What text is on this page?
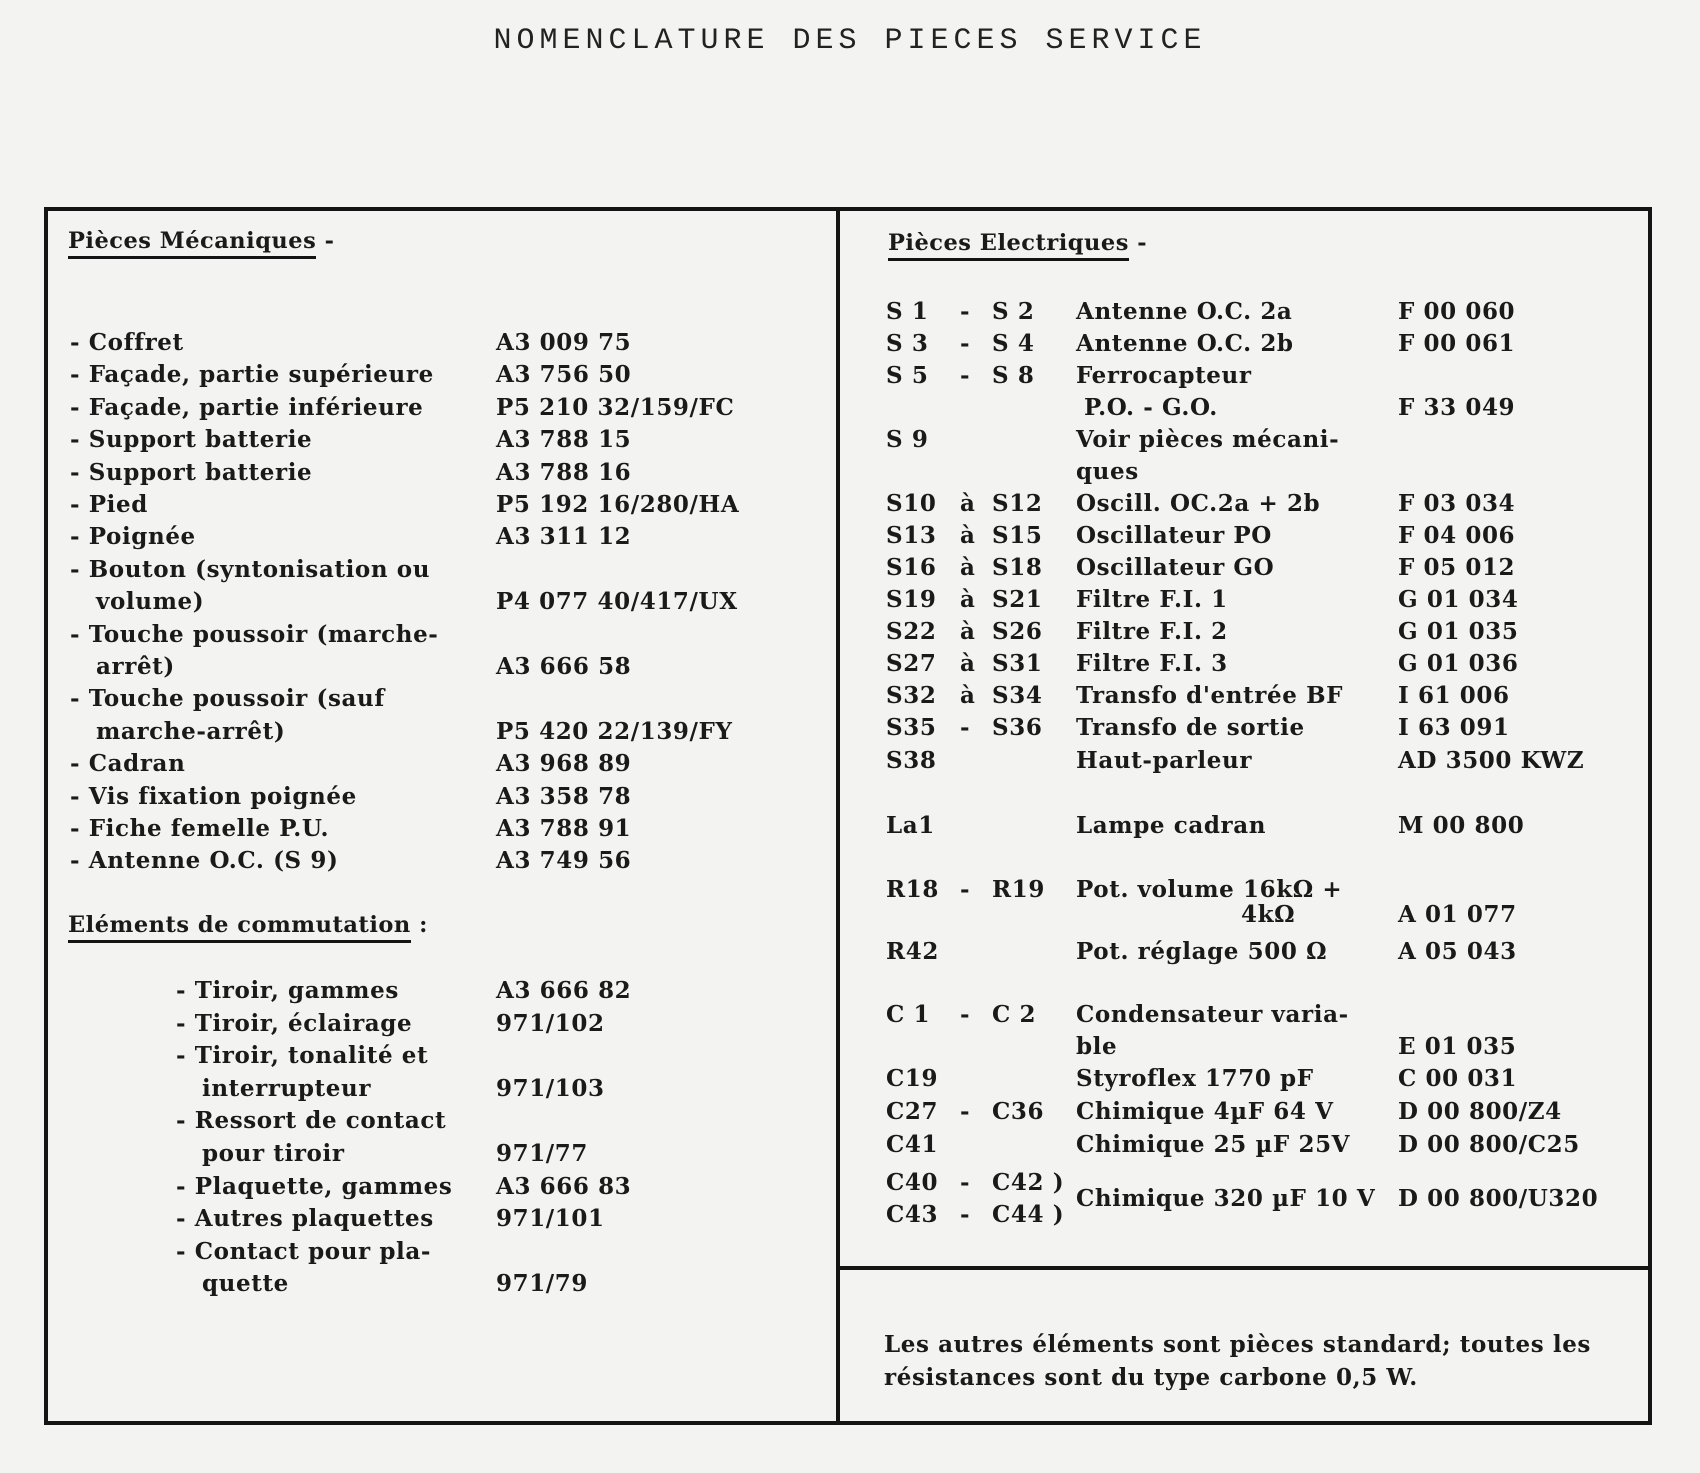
NOMENCLATURE DES PIECES SERVICE
Pièces Mécaniques -
- Coffret	A3 009 75
- Façade, partie supérieure	A3 756 50
- Façade, partie inférieure	P5 210 32/159/FC
- Support batterie	A3 788 15
- Support batterie	A3 788 16
- Pied	P5 192 16/280/HA
- Poignée	A3 311 12
- Bouton (syntonisation ou
volume)	P4 077 40/417/UX
- Touche poussoir (marche-
arrêt)	A3 666 58
- Touche poussoir (sauf
marche-arrêt)	P5 420 22/139/FY
- Cadran	A3 968 89
- Vis fixation poignée	A3 358 78
- Fiche femelle P.U.	A3 788 91
- Antenne O.C. (S 9)	A3 749 56
Eléments de commutation :
- Tiroir, gammes	A3 666 82
- Tiroir, éclairage	971/102
- Tiroir, tonalité et
interrupteur	971/103
- Ressort de contact
pour tiroir	971/77
- Plaquette, gammes A3 666 83
- Autres plaquettes	971/101
- Contact pour pla-
quette	971/79
Pièces Electriques -
S 1 - S 2 Antenne O.C. 2a	F 00 060
S 3 - S 4 Antenne O.C. 2b	F 00 061
S 5 - S 8 Ferrocapteur
P.O. - G.O.	F 33 049
S 9	Voir pièces mécani-
ques
S10 à S12 Oscill. OC.2a + 2b	F 03 034
S13 à S15 Oscillateur PO	F 04 006
S16 à S18 Oscillateur GO	F 05 012
S19 à S21 Filtre F.I. 1	G 01 034
S22 à S26 Filtre F.I. 2	G 01 035
S27 à S31 Filtre F.I. 3	G 01 036
S32 à S34 Transfo d'entrée BF I 61 006
S35 - S36 Transfo de sortie	I 63 091
S38	Haut-parleur	AD 3500 KWZ
La1	Lampe cadran	M 00 800
R18 - R19 Pot. volume 16kΩ +
4kΩ	A 01 077
R42	Pot. réglage 500 Ω	A 05 043
C 1 - C 2 Condensateur varia-
ble	E 01 035
C19	Styroflex 1770 pF	C 00 031
C27 - C36 Chimique 4µF 64 V	D 00 800/Z4
C41	Chimique 25 µF 25V D 00 800/C25
C40 - C42 )
Chimique 320 µF 10 V D 00 800/U320
C43 - C44 )
Les autres éléments sont pièces standard; toutes les résistances sont du type carbone 0,5 W.
